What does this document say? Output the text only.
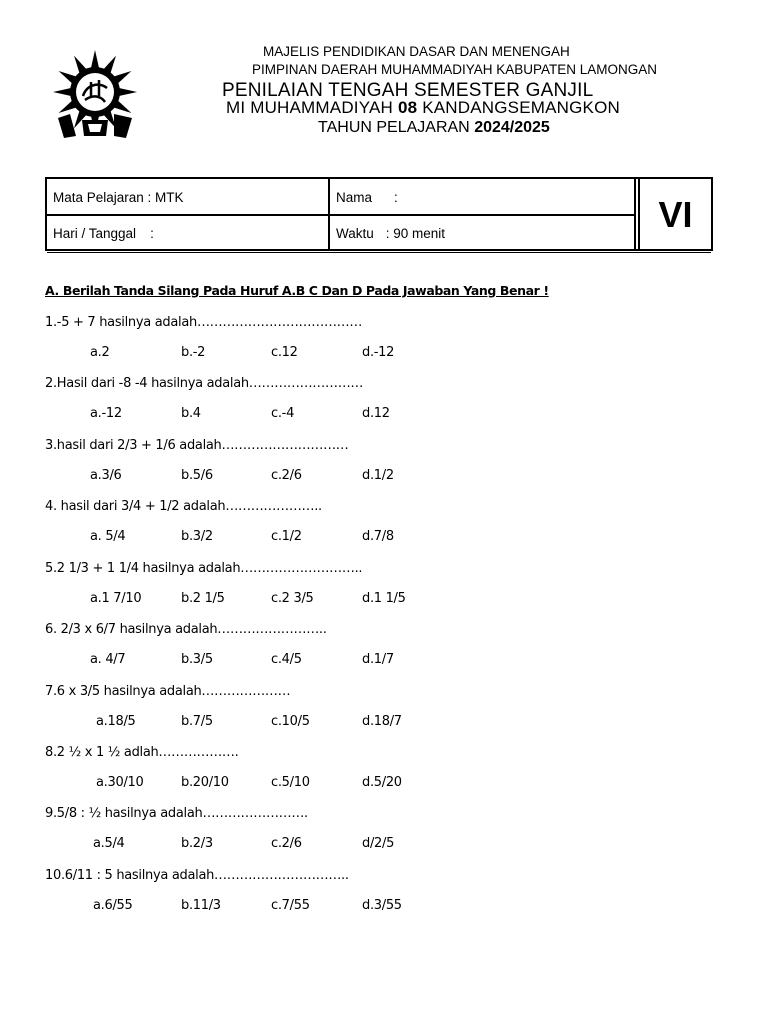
MAJELIS PENDIDIKAN DASAR DAN MENENGAH
PIMPINAN DAERAH MUHAMMADIYAH KABUPATEN LAMONGAN
PENILAIAN TENGAH SEMESTER GANJIL
MI MUHAMMADIYAH 08 KANDANGSEMANGKON
TAHUN PELAJARAN 2024/2025
Mata Pelajaran : MTK	Nama :
Hari / Tanggal :	Waktu : 90 menit	VI
A. Berilah Tanda Silang Pada Huruf A.B C Dan D Pada Jawaban Yang Benar !
1.-5 + 7 hasilnya adalah…………………………………
a.2	b.-2	c.12	d.-12
2.Hasil dari -8 -4 hasilnya adalah………………………
a.-12	b.4	c.-4	d.12
3.hasil dari 2/3 + 1/6 adalah…………………………
a.3/6	b.5/6	c.2/6	d.1/2
4. hasil dari 3/4 + 1/2 adalah…………………..
a. 5/4	b.3/2	c.1/2	d.7/8
5.2 1/3 + 1 1/4 hasilnya adalah………………………..
a.1 7/10	b.2 1/5	c.2 3/5	d.1 1/5
6. 2/3 x 6/7 hasilnya adalah……………………..
a. 4/7	b.3/5	c.4/5	d.1/7
7.6 x 3/5 hasilnya adalah…………………
a.18/5	b.7/5	c.10/5	d.18/7
8.2 ½ x 1 ½ adlah……………….
a.30/10	b.20/10	c.5/10	d.5/20
9.5/8 : ½ hasilnya adalah…………………….
a.5/4	b.2/3	c.2/6	d/2/5
10.6/11 : 5 hasilnya adalah…………………………..
a.6/55	b.11/3	c.7/55	d.3/55
